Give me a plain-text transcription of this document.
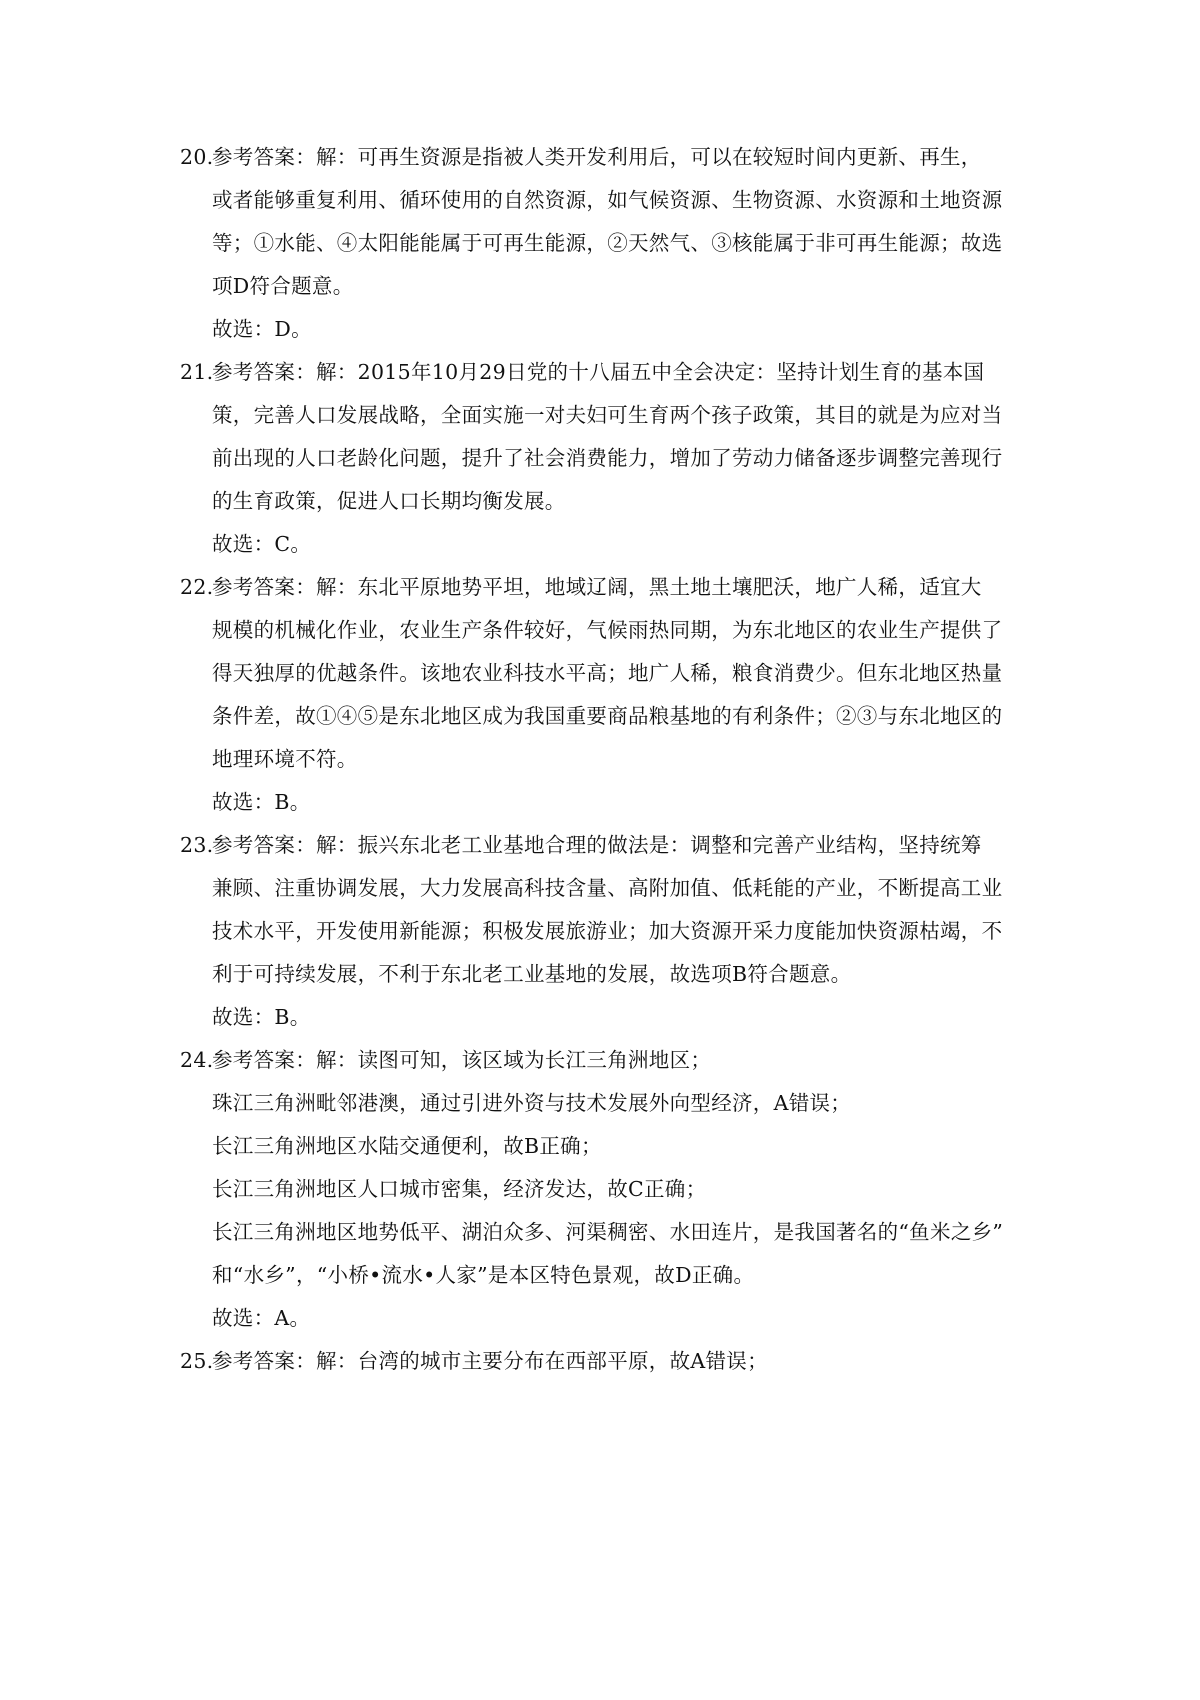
20.
参考答案：解：可再生资源是指被人类开发利用后，可以在较短时间内更新、再生，
或者能够重复利用、循环使用的自然资源，如气候资源、生物资源、水资源和土地资源
等；①水能、④太阳能能属于可再生能源，②天然气、③核能属于非可再生能源；故选
项D符合题意。
故选：D。
21.
参考答案：解：2015年10月29日党的十八届五中全会决定：坚持计划生育的基本国
策，完善人口发展战略，全面实施一对夫妇可生育两个孩子政策，其目的就是为应对当
前出现的人口老龄化问题，提升了社会消费能力，增加了劳动力储备逐步调整完善现行
的生育政策，促进人口长期均衡发展。
故选：C。
22.
参考答案：解：东北平原地势平坦，地域辽阔，黑土地土壤肥沃，地广人稀，适宜大
规模的机械化作业，农业生产条件较好，气候雨热同期，为东北地区的农业生产提供了
得天独厚的优越条件。该地农业科技水平高；地广人稀，粮食消费少。但东北地区热量
条件差，故①④⑤是东北地区成为我国重要商品粮基地的有利条件；②③与东北地区的
地理环境不符。
故选：B。
23.
参考答案：解：振兴东北老工业基地合理的做法是：调整和完善产业结构，坚持统筹
兼顾、注重协调发展，大力发展高科技含量、高附加值、低耗能的产业，不断提高工业
技术水平，开发使用新能源；积极发展旅游业；加大资源开采力度能加快资源枯竭，不
利于可持续发展，不利于东北老工业基地的发展，故选项B符合题意。
故选：B。
24.
参考答案：解：读图可知，该区域为长江三角洲地区；
珠江三角洲毗邻港澳，通过引进外资与技术发展外向型经济，A错误；
长江三角洲地区水陆交通便利，故B正确；
长江三角洲地区人口城市密集，经济发达，故C正确；
长江三角洲地区地势低平、湖泊众多、河渠稠密、水田连片，是我国著名的“鱼米之乡”
和“水乡”，“小桥•流水•人家”是本区特色景观，故D正确。
故选：A。
25.
参考答案：解：台湾的城市主要分布在西部平原，故A错误；
